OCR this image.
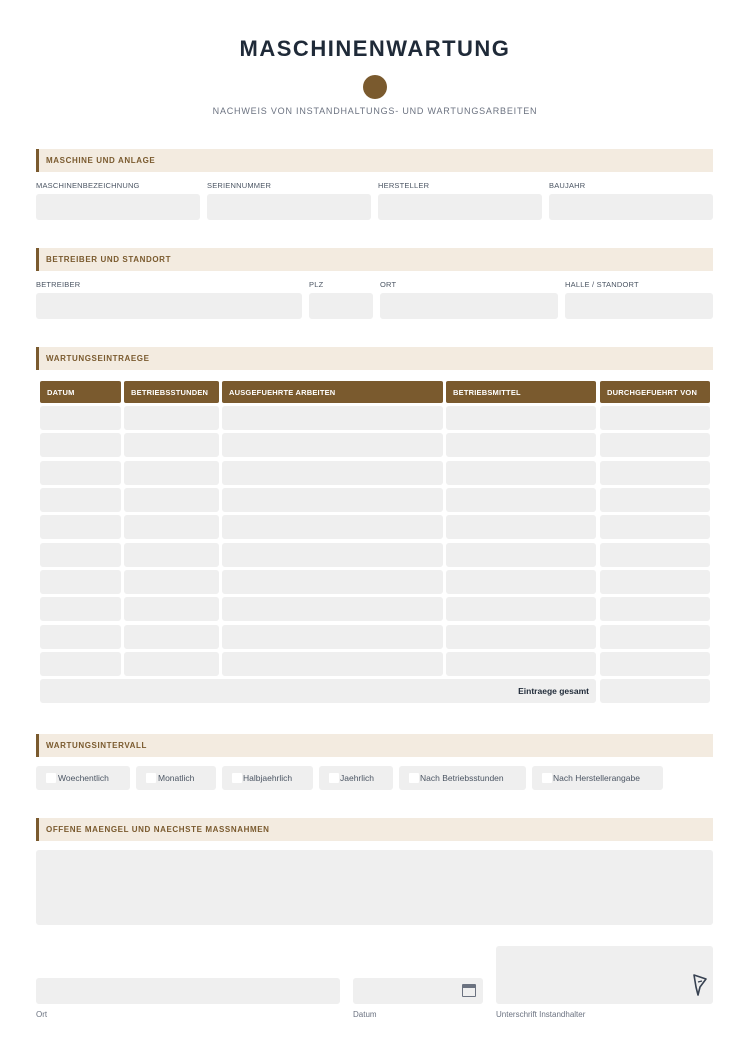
MASCHINENWARTUNG
NACHWEIS VON INSTANDHALTUNGS- UND WARTUNGSARBEITEN
MASCHINE UND ANLAGE
MASCHINENBEZEICHNUNG	SERIENNUMMER	HERSTELLER	BAUJAHR
BETREIBER UND STANDORT
BETREIBER	PLZ	ORT	HALLE / STANDORT
WARTUNGSEINTRAEGE
DATUM	BETRIEBSSTUNDEN	AUSGEFUEHRTE ARBEITEN	BETRIEBSMITTEL	DURCHGEFUEHRT VON
Eintraege gesamt
WARTUNGSINTERVALL
Woechentlich	Monatlich	Halbjaehrlich	Jaehrlich	Nach Betriebsstunden	Nach Herstellerangabe
OFFENE MAENGEL UND NAECHSTE MASSNAHMEN
Ort	Datum	Unterschrift Instandhalter
